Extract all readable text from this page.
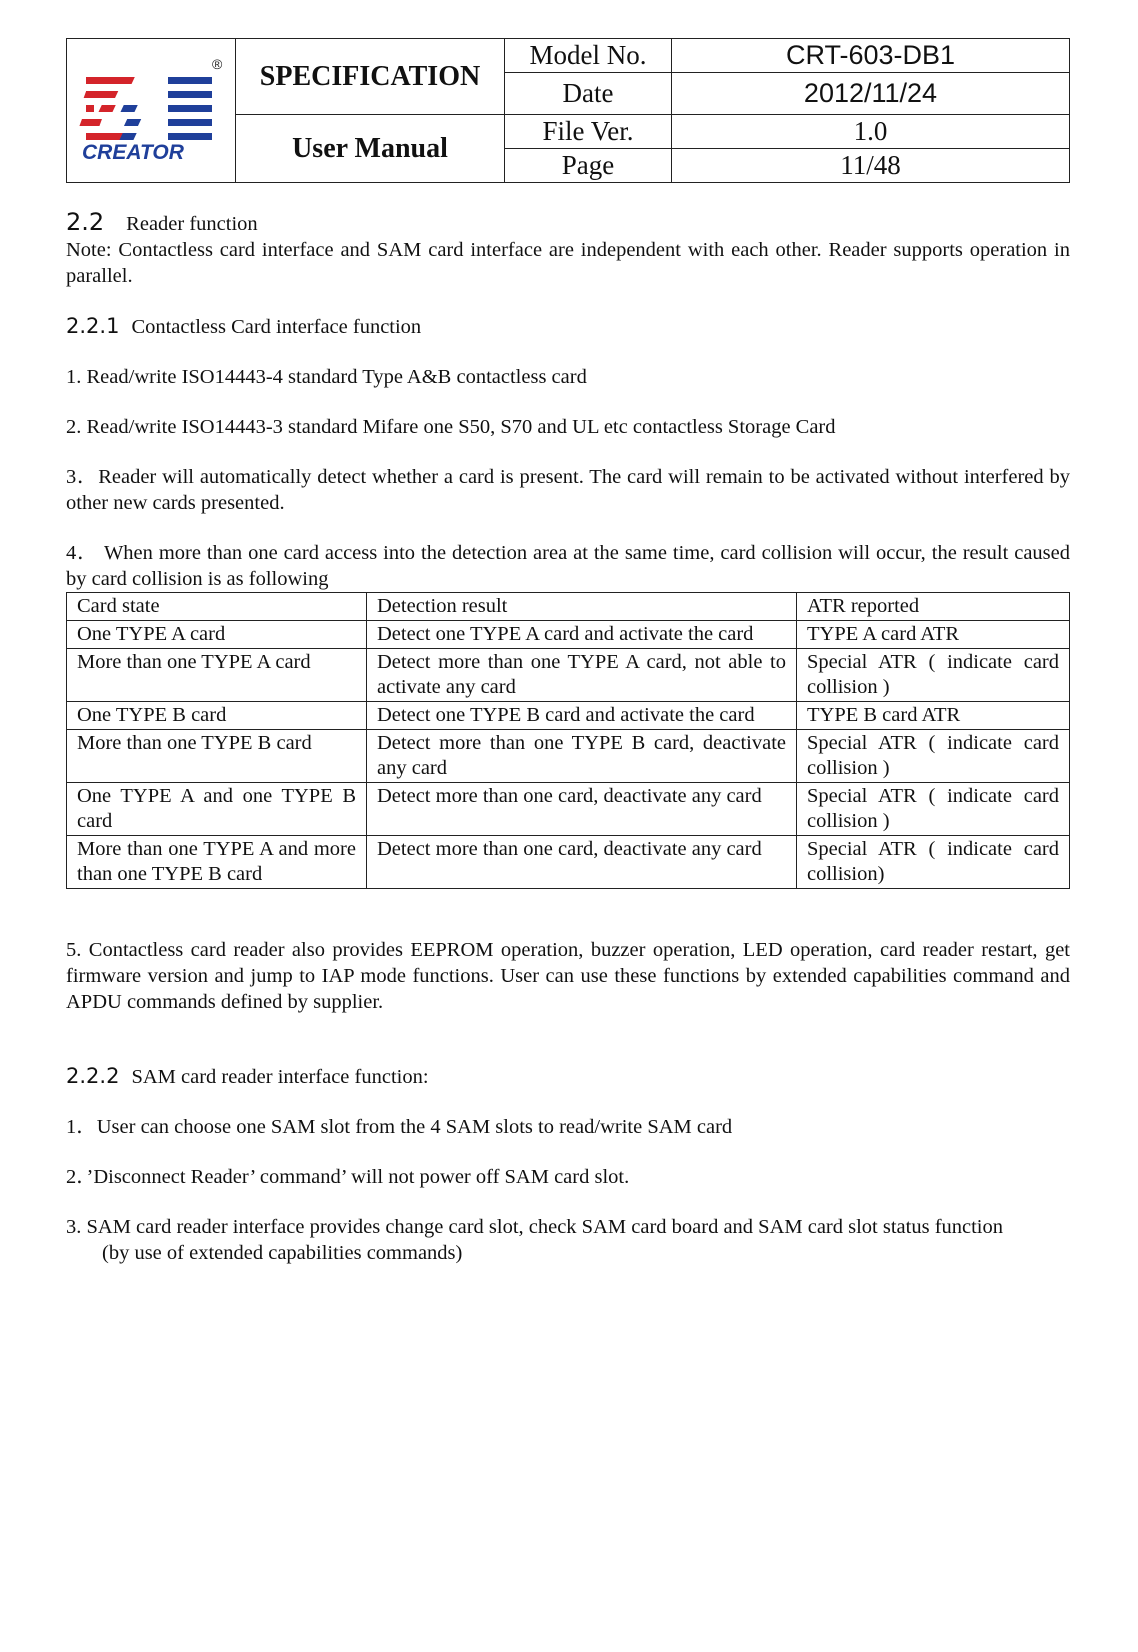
CREATOR
®	SPECIFICATION	Model No.	CRT-603-DB1
		Date	2012/11/24
	User Manual	File Ver.	1.0
		Page	11/48
2.2 Reader function

Note: Contactless card interface and SAM card interface are independent with each other. Reader supports operation in parallel.

2.2.1 Contactless Card interface function

1. Read/write ISO14443-4 standard Type A&B contactless card

2. Read/write ISO14443-3 standard Mifare one S50, S70 and UL etc contactless Storage Card

3．Reader will automatically detect whether a card is present. The card will remain to be activated without interfered by other new cards presented.

4． When more than one card access into the detection area at the same time, card collision will occur, the result caused by card collision is as following

Card state	Detection result	ATR reported
One TYPE A card	Detect one TYPE A card and activate the card	TYPE A card ATR
More than one TYPE A card	Detect more than one TYPE A card, not able to activate any card	Special ATR ( indicate card collision )
One TYPE B card	Detect one TYPE B card and activate the card	TYPE B card ATR
More than one TYPE B card	Detect more than one TYPE B card, deactivate any card	Special ATR ( indicate card collision )
One TYPE A and one TYPE B card	Detect more than one card, deactivate any card	Special ATR ( indicate card collision )
More than one TYPE A and more than one TYPE B card	Detect more than one card, deactivate any card	Special ATR ( indicate card collision)

5. Contactless card reader also provides EEPROM operation, buzzer operation, LED operation, card reader restart, get firmware version and jump to IAP mode functions. User can use these functions by extended capabilities command and APDU commands defined by supplier.

2.2.2 SAM card reader interface function:

1．User can choose one SAM slot from the 4 SAM slots to read/write SAM card

2．’Disconnect Reader’ command’ will not power off SAM card slot.

3. SAM card reader interface provides change card slot, check SAM card board and SAM card slot status function

(by use of extended capabilities commands)
